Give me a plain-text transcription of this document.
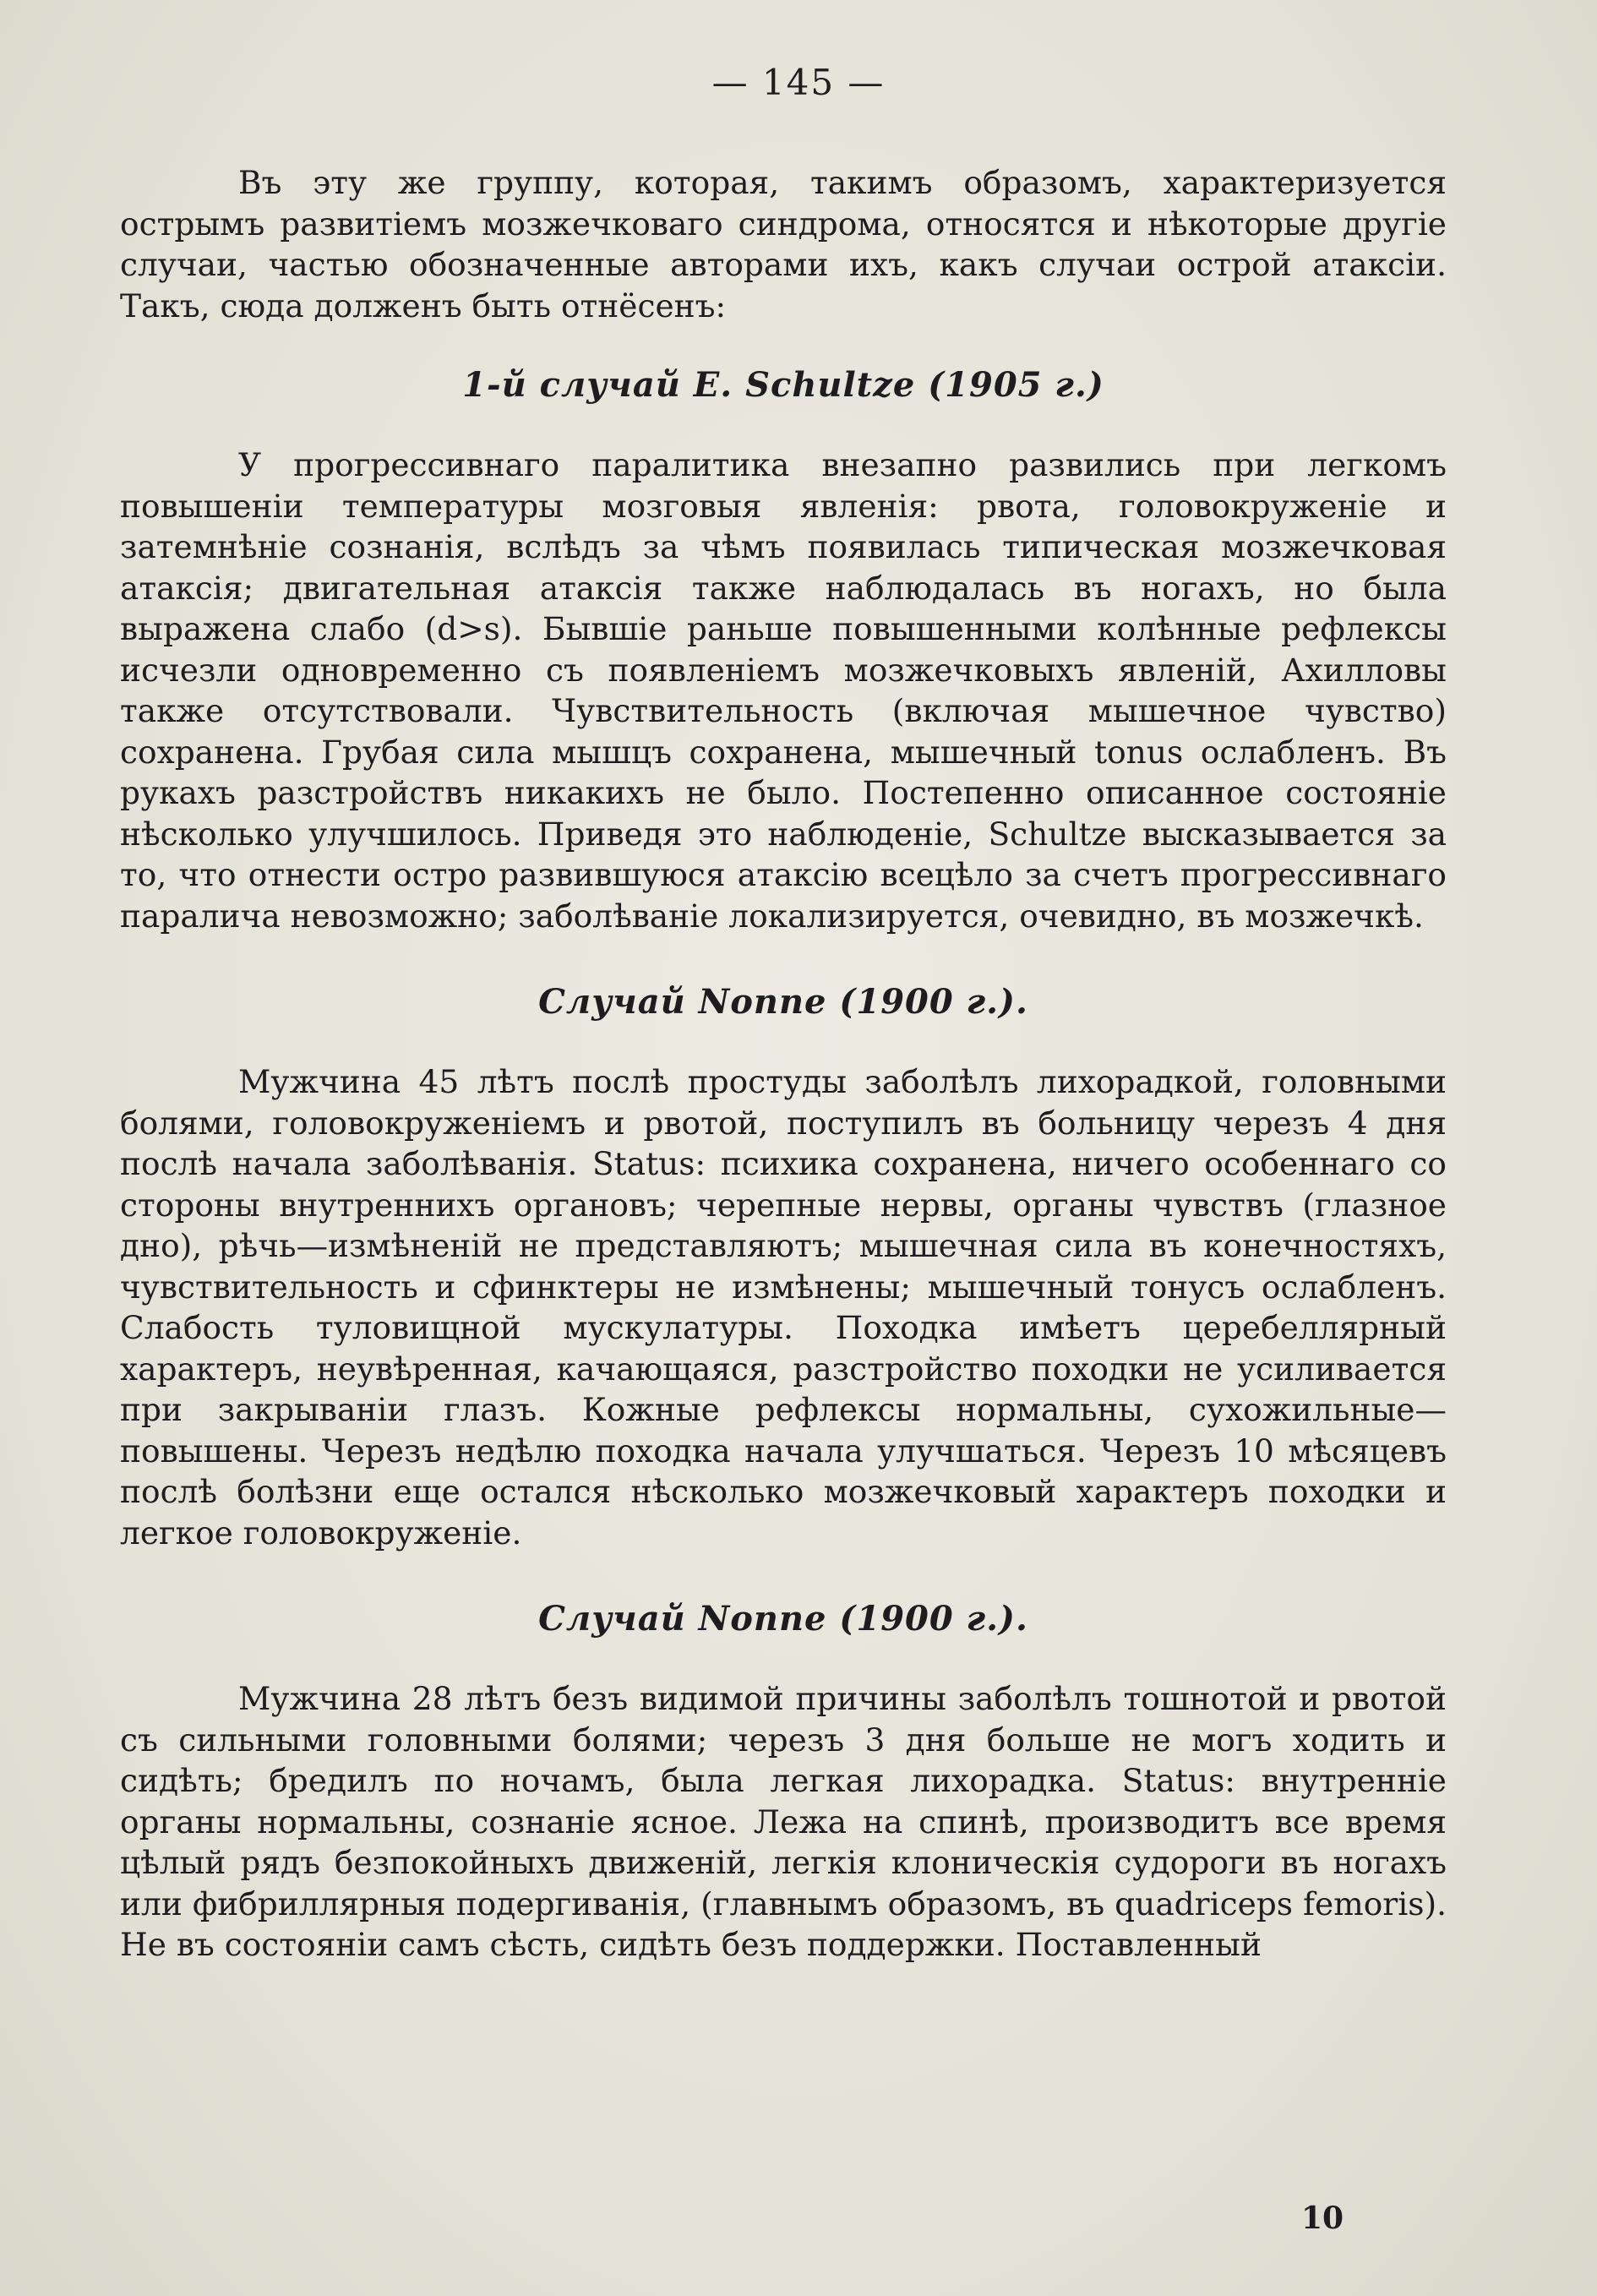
— 145 —

Въ эту же группу, которая, такимъ образомъ, характеризуется острымъ развитіемъ мозжечковаго синдрома, относятся и нѣкоторые другіе случаи, частью обозначенные авторами ихъ, какъ случаи острой атаксіи. Такъ, сюда долженъ быть отнёсенъ:

1-й случай E. Schultze (1905 г.)

У прогрессивнаго паралитика внезапно развились при легкомъ повышеніи температуры мозговыя явленія: рвота, головокруженіе и затемнѣніе сознанія, вслѣдъ за чѣмъ появилась типическая мозжечковая атаксія; двигательная атаксія также наблюдалась въ ногахъ, но была выражена слабо (d>s). Бывшіе раньше повышенными колѣнные рефлексы исчезли одновременно съ появленіемъ мозжечковыхъ явленій, Ахилловы также отсутствовали. Чувствительность (включая мышечное чувство) сохранена. Грубая сила мышцъ сохранена, мышечный tonus ослабленъ. Въ рукахъ разстройствъ никакихъ не было. Постепенно описанное состояніе нѣсколько улучшилось. Приведя это наблюденіе, Schultze высказывается за то, что отнести остро развившуюся атаксію всецѣло за счетъ прогрессивнаго паралича невозможно; заболѣваніе локализируется, очевидно, въ мозжечкѣ.

Случай Nonne (1900 г.).

Мужчина 45 лѣтъ послѣ простуды заболѣлъ лихорадкой, головными болями, головокруженіемъ и рвотой, поступилъ въ больницу черезъ 4 дня послѣ начала заболѣванія. Status: психика сохранена, ничего особеннаго со стороны внутреннихъ органовъ; черепные нервы, органы чувствъ (глазное дно), рѣчь—измѣненій не представляютъ; мышечная сила въ конечностяхъ, чувствительность и сфинктеры не измѣнены; мышечный тонусъ ослабленъ. Слабость туловищной мускулатуры. Походка имѣетъ церебеллярный характеръ, неувѣренная, качающаяся, разстройство походки не усиливается при закрываніи глазъ. Кожные рефлексы нормальны, сухожильные—повышены. Черезъ недѣлю походка начала улучшаться. Черезъ 10 мѣсяцевъ послѣ болѣзни еще остался нѣсколько мозжечковый характеръ походки и легкое головокруженіе.

Случай Nonne (1900 г.).

Мужчина 28 лѣтъ безъ видимой причины заболѣлъ тошнотой и рвотой съ сильными головными болями; черезъ 3 дня больше не могъ ходить и сидѣть; бредилъ по ночамъ, была легкая лихорадка. Status: внутренніе органы нормальны, сознаніе ясное. Лежа на спинѣ, производитъ все время цѣлый рядъ безпокойныхъ движеній, легкія клоническія судороги въ ногахъ или фибриллярныя подергиванія, (главнымъ образомъ, въ quadriceps femoris). Не въ состояніи самъ сѣсть, сидѣть безъ поддержки. Поставленный

10
